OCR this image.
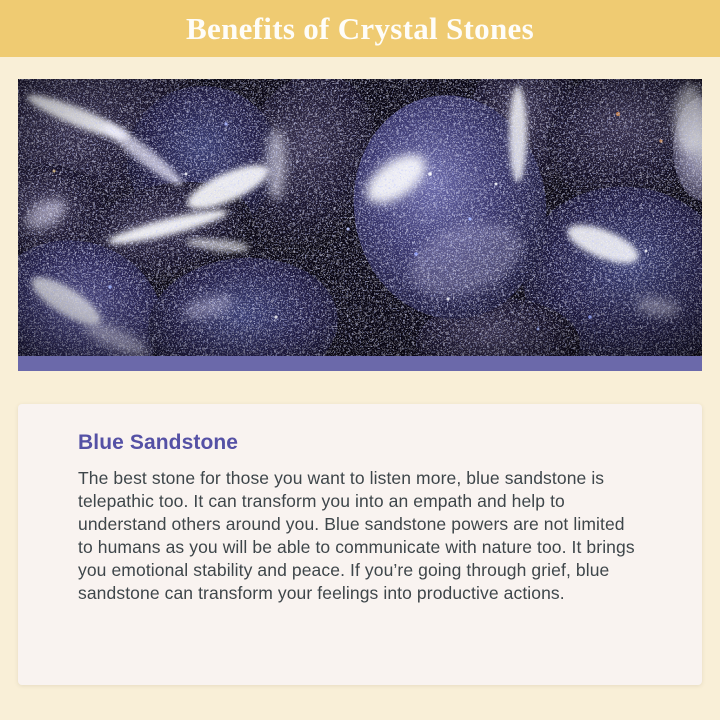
Benefits of Crystal Stones
Blue Sandstone

The best stone for those you want to listen more, blue sandstone is telepathic too. It can transform you into an empath and help to understand others around you. Blue sandstone powers are not limited to humans as you will be able to communicate with nature too. It brings you emotional stability and peace. If you’re going through grief, blue sandstone can transform your feelings into productive actions.
